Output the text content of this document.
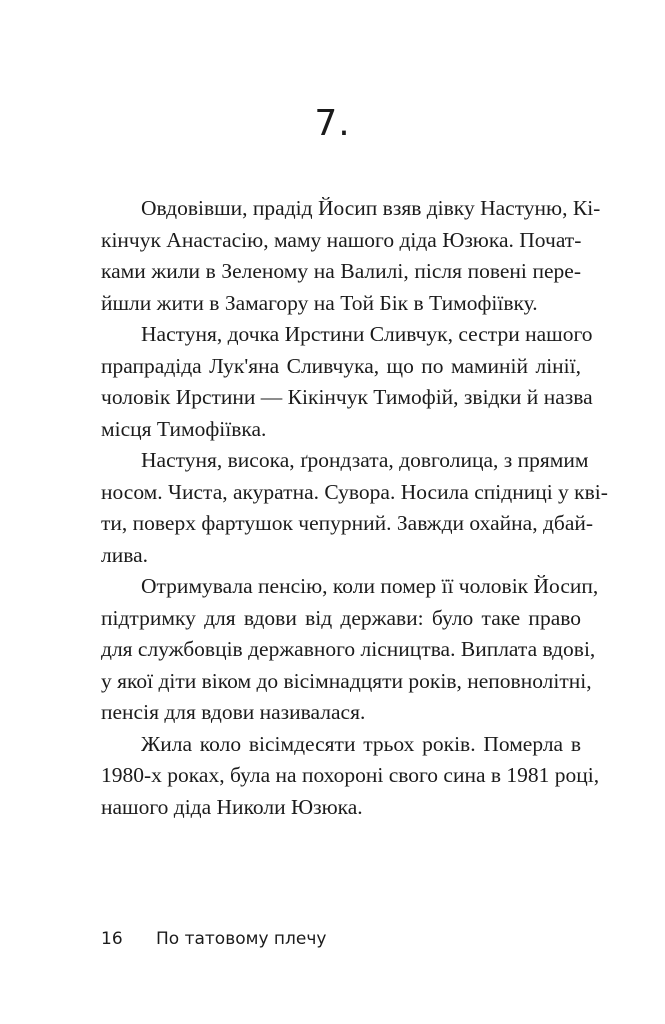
7.
Овдовівши, прадід Йосип взяв дівку Настуню, Кі-
кінчук Анастасію, маму нашого діда Юзюка. Почат-
ками жили в Зеленому на Валилі, після повені пере-
йшли жити в Замагору на Той Бік в Тимофіївку.
Настуня, дочка Ирстини Сливчук, сестри нашого
прапрадіда Лук'яна Сливчука, що по маминій лінії,
чоловік Ирстини — Кікінчук Тимофій, звідки й назва
місця Тимофіївка.
Настуня, висока, ґрондзата, довголица, з прямим
носом. Чиста, акуратна. Сувора. Носила спідниці у кві-
ти, поверх фартушок чепурний. Завжди охайна, дбай-
лива.
Отримувала пенсію, коли помер її чоловік Йосип,
підтримку для вдови від держави: було таке право
для службовців державного лісництва. Виплата вдові,
у якої діти віком до вісімнадцяти років, неповнолітні,
пенсія для вдови називалася.
Жила коло вісімдесяти трьох років. Померла в
1980-х роках, була на похороні свого сина в 1981 році,
нашого діда Николи Юзюка.
16 По татовому плечу
